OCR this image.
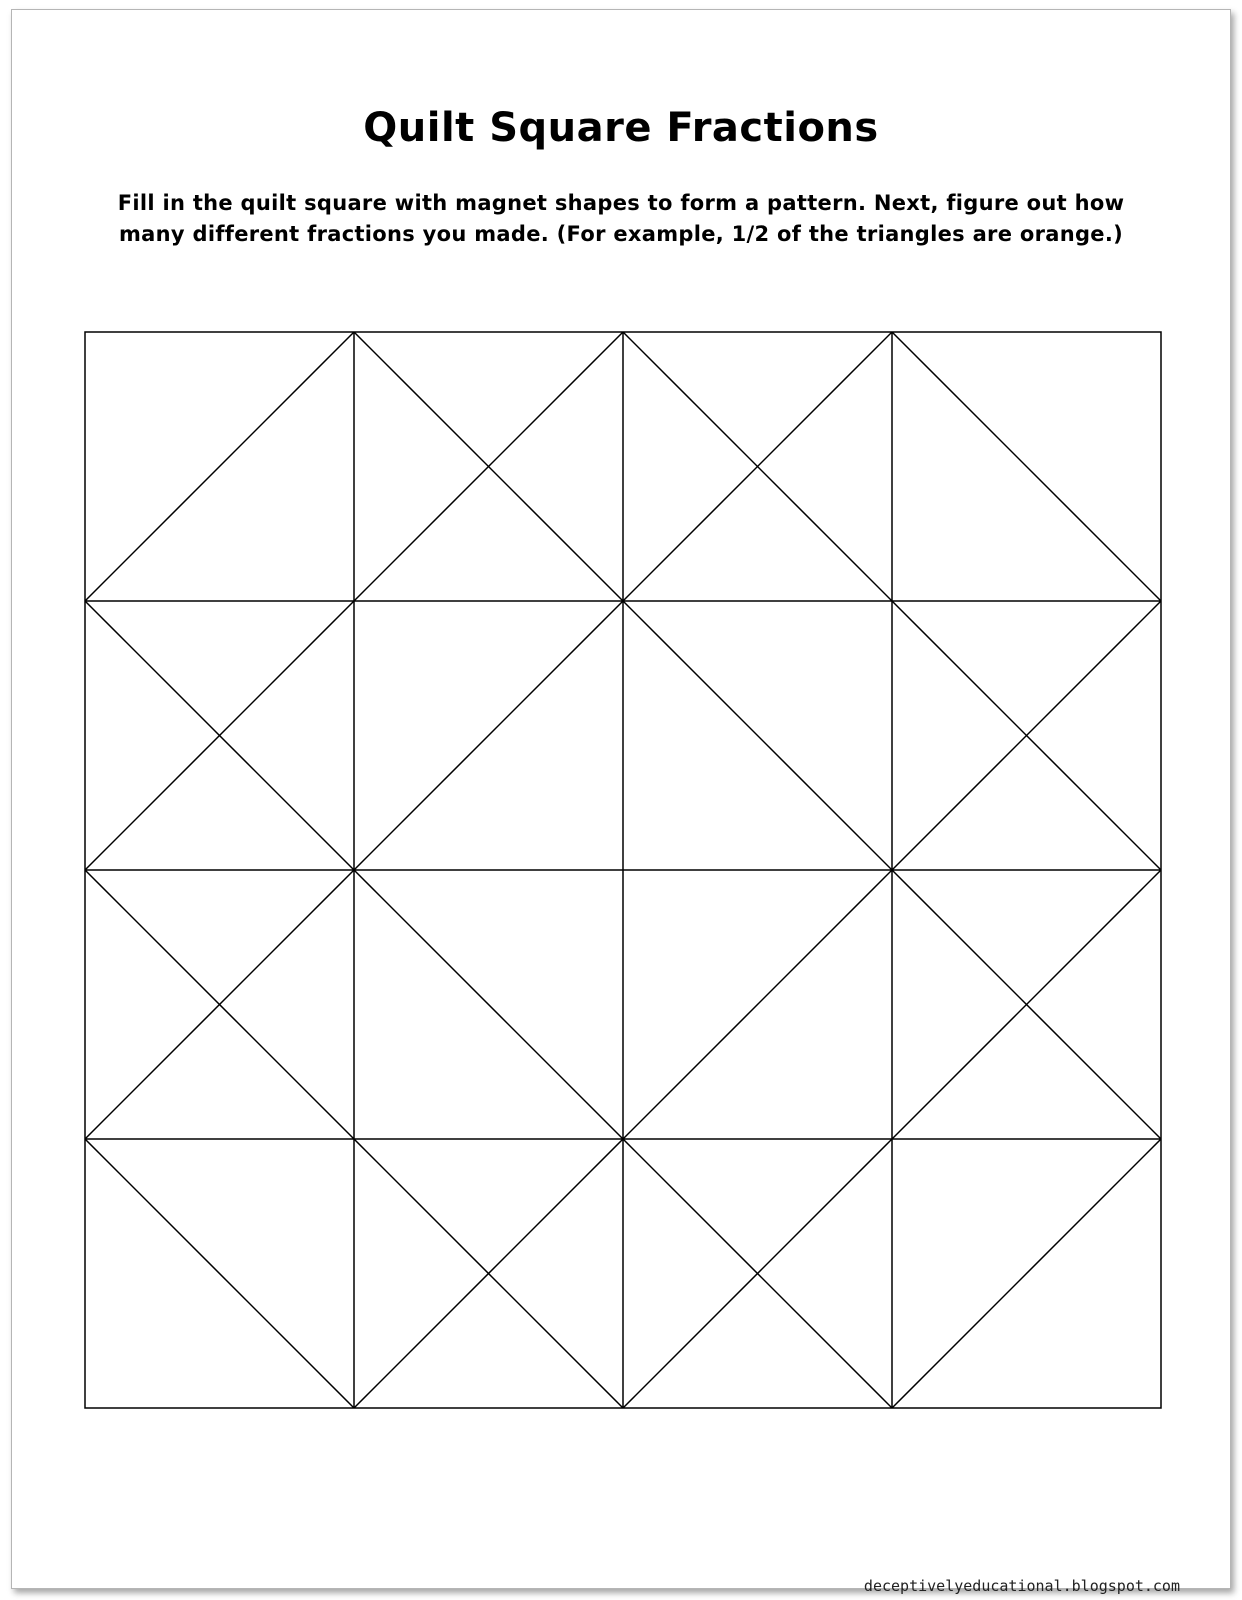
Quilt Square Fractions

Fill in the quilt square with magnet shapes to form a pattern. Next, figure out how many different fractions you made. (For example, 1/2 of the triangles are orange.)

deceptivelyeducational.blogspot.com
